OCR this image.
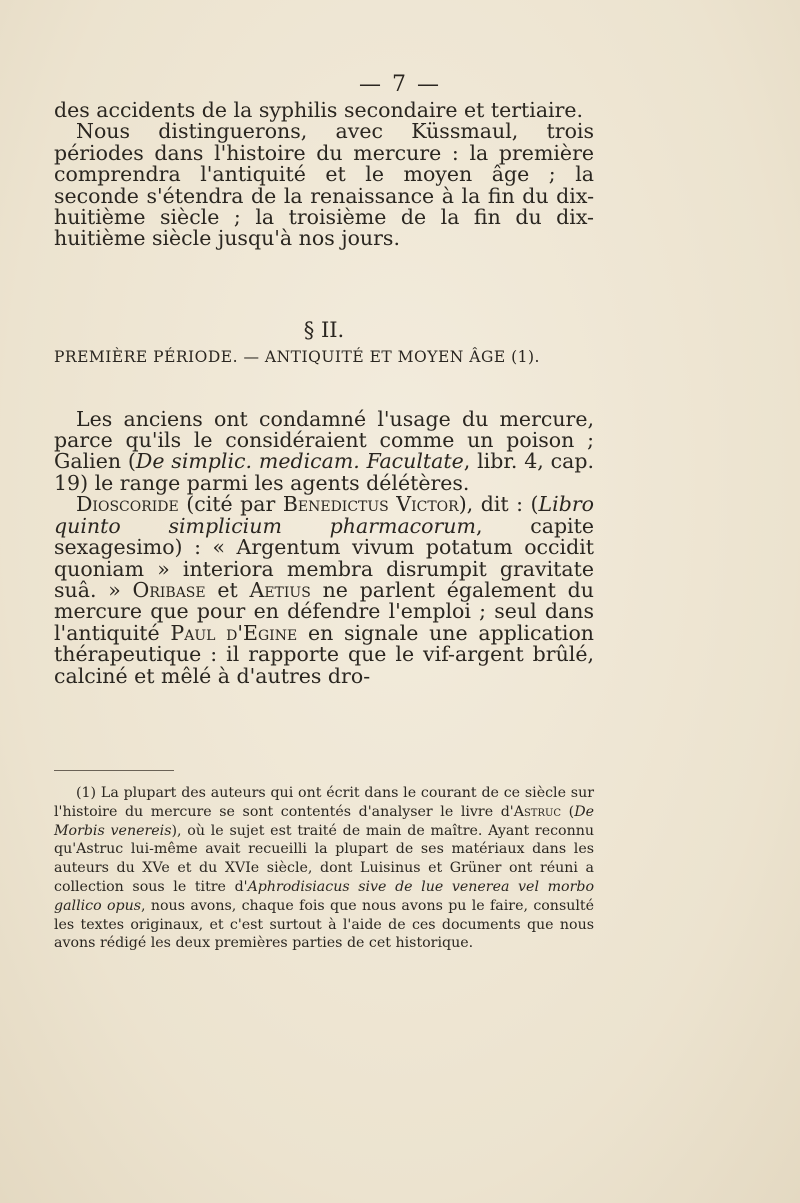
— 7 —

des accidents de la syphilis secondaire et tertiaire.

Nous distinguerons, avec Küssmaul, trois périodes dans l'histoire du mercure : la première comprendra l'antiquité et le moyen âge ; la seconde s'étendra de la renaissance à la fin du dix-huitième siècle ; la troisième de la fin du dix-huitième siècle jusqu'à nos jours.

§ II.
PREMIÈRE PÉRIODE. — ANTIQUITÉ ET MOYEN ÂGE (1).

Les anciens ont condamné l'usage du mercure, parce qu'ils le considéraient comme un poison ; Galien (De simplic. medicam. Facultate, libr. 4, cap. 19) le range parmi les agents délétères.

Dioscoride (cité par Benedictus Victor), dit : (Libro quinto simplicium pharmacorum, capite sexagesimo) : « Argentum vivum potatum occidit quoniam » interiora membra disrumpit gravitate suâ. » Oribase et Aetius ne parlent également du mercure que pour en défendre l'emploi ; seul dans l'antiquité Paul d'Egine en signale une application thérapeutique : il rapporte que le vif-argent brûlé, calciné et mêlé à d'autres dro-

(1) La plupart des auteurs qui ont écrit dans le courant de ce siècle sur l'histoire du mercure se sont contentés d'analyser le livre d'Astruc (De Morbis venereis), où le sujet est traité de main de maître. Ayant reconnu qu'Astruc lui-même avait recueilli la plupart de ses matériaux dans les auteurs du XVe et du XVIe siècle, dont Luisinus et Grüner ont réuni a collection sous le titre d'Aphrodisiacus sive de lue venerea vel morbo gallico opus, nous avons, chaque fois que nous avons pu le faire, consulté les textes originaux, et c'est surtout à l'aide de ces documents que nous avons rédigé les deux premières parties de cet historique.
